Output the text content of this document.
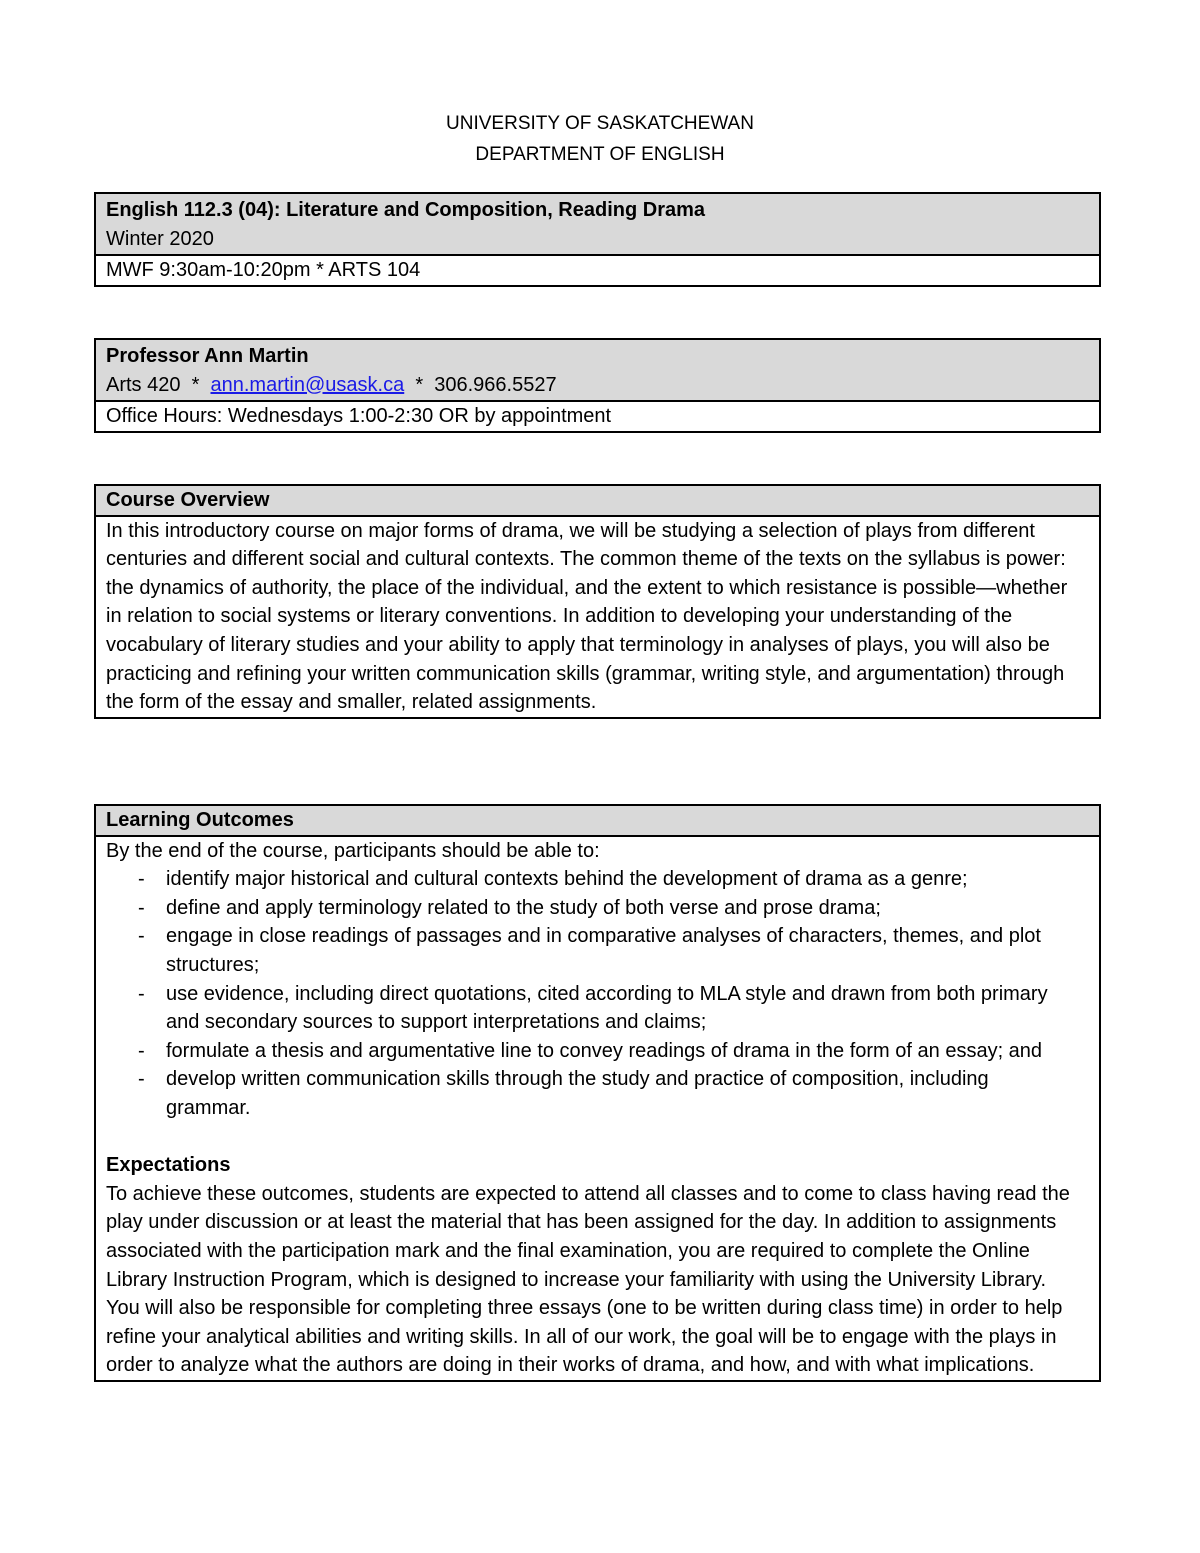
UNIVERSITY OF SASKATCHEWAN
DEPARTMENT OF ENGLISH
English 112.3 (04): Literature and Composition, Reading Drama
Winter 2020
MWF 9:30am-10:20pm * ARTS 104
Professor Ann Martin
Arts 420  *  ann.martin@usask.ca  *  306.966.5527
Office Hours: Wednesdays 1:00-2:30 OR by appointment
Course Overview
In this introductory course on major forms of drama, we will be studying a selection of plays from different centuries and different social and cultural contexts. The common theme of the texts on the syllabus is power: the dynamics of authority, the place of the individual, and the extent to which resistance is possible—whether in relation to social systems or literary conventions. In addition to developing your understanding of the vocabulary of literary studies and your ability to apply that terminology in analyses of plays, you will also be practicing and refining your written communication skills (grammar, writing style, and argumentation) through the form of the essay and smaller, related assignments.
Learning Outcomes
By the end of the course, participants should be able to:
- identify major historical and cultural contexts behind the development of drama as a genre;
- define and apply terminology related to the study of both verse and prose drama;
- engage in close readings of passages and in comparative analyses of characters, themes, and plot structures;
- use evidence, including direct quotations, cited according to MLA style and drawn from both primary and secondary sources to support interpretations and claims;
- formulate a thesis and argumentative line to convey readings of drama in the form of an essay; and
- develop written communication skills through the study and practice of composition, including grammar.
Expectations
To achieve these outcomes, students are expected to attend all classes and to come to class having read the play under discussion or at least the material that has been assigned for the day. In addition to assignments associated with the participation mark and the final examination, you are required to complete the Online Library Instruction Program, which is designed to increase your familiarity with using the University Library. You will also be responsible for completing three essays (one to be written during class time) in order to help refine your analytical abilities and writing skills. In all of our work, the goal will be to engage with the plays in order to analyze what the authors are doing in their works of drama, and how, and with what implications.
